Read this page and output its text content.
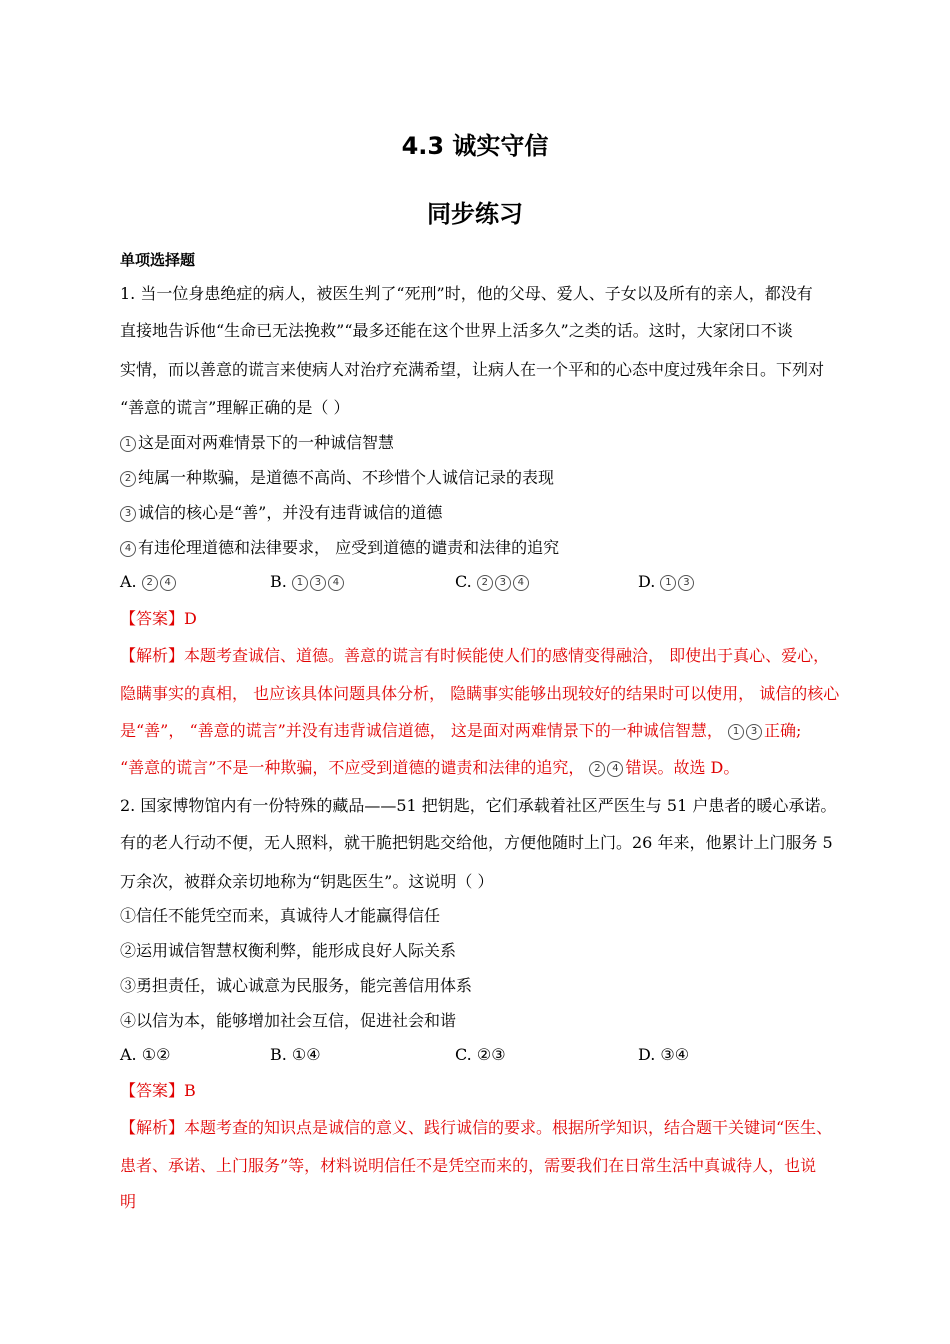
4.3 诚实守信
同步练习
单项选择题
1. 当一位身患绝症的病人，被医生判了“死刑”时，他的父母、爱人、子女以及所有的亲人，都没有
直接地告诉他“生命已无法挽救”“最多还能在这个世界上活多久”之类的话。这时，大家闭口不谈
实情，而以善意的谎言来使病人对治疗充满希望，让病人在一个平和的心态中度过残年余日。下列对
“善意的谎言”理解正确的是（ ）
1 这是面对两难情景下的一种诚信智慧
2 纯属一种欺骗，是道德不高尚、不珍惜个人诚信记录的表现
3 诚信的核心是“善”，并没有违背诚信的道德
4 有违伦理道德和法律要求， 应受到道德的谴责和法律的追究
A. 2 4	B. 1 3 4	C. 2 3 4	D. 1 3
【答案】D
【解析】本题考查诚信、道德。善意的谎言有时候能使人们的感情变得融洽， 即使出于真心、爱心，
隐瞒事实的真相， 也应该具体问题具体分析， 隐瞒事实能够出现较好的结果时可以使用， 诚信的核心
是“善”， “善意的谎言”并没有违背诚信道德， 这是面对两难情景下的一种诚信智慧， 1 3 正确;
“善意的谎言”不是一种欺骗，不应受到道德的谴责和法律的追究， 2 4 错误。故选 D。
2. 国家博物馆内有一份特殊的藏品——51 把钥匙，它们承载着社区严医生与 51 户患者的暖心承诺。
有的老人行动不便，无人照料，就干脆把钥匙交给他，方便他随时上门。26 年来，他累计上门服务 5
万余次，被群众亲切地称为“钥匙医生”。这说明（ ）
①信任不能凭空而来，真诚待人才能赢得信任
②运用诚信智慧权衡利弊，能形成良好人际关系
③勇担责任，诚心诚意为民服务，能完善信用体系
④以信为本，能够增加社会互信，促进社会和谐
A. ①②	B. ①④	C. ②③	D. ③④
【答案】B
【解析】本题考查的知识点是诚信的意义、践行诚信的要求。根据所学知识，结合题干关键词“医生、
患者、承诺、上门服务”等，材料说明信任不是凭空而来的，需要我们在日常生活中真诚待人，也说
明
